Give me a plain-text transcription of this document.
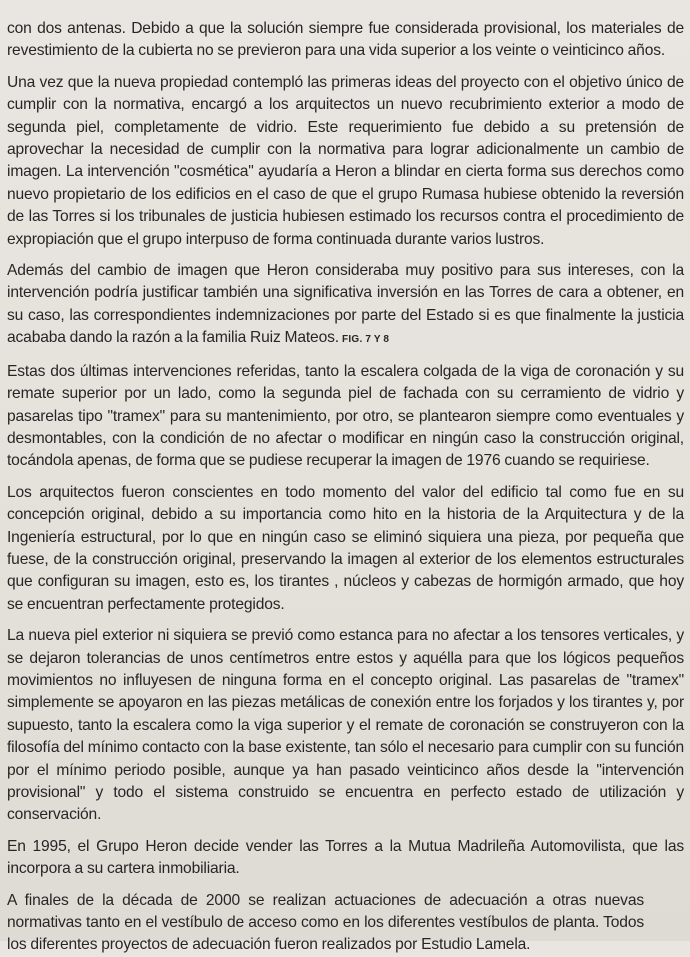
con dos antenas. Debido a que la solución siempre fue considerada provisional, los materiales de revestimiento de la cubierta no se previeron para una vida superior a los veinte o veinticinco años.

Una vez que la nueva propiedad contempló las primeras ideas del proyecto con el objetivo único de cumplir con la normativa, encargó a los arquitectos un nuevo recubrimiento exterior a modo de segunda piel, completamente de vidrio. Este requerimiento fue debido a su pretensión de aprovechar la necesidad de cumplir con la normativa para lograr adicionalmente un cambio de imagen. La intervención "cosmética" ayudaría a Heron a blindar en cierta forma sus derechos como nuevo propietario de los edificios en el caso de que el grupo Rumasa hubiese obtenido la reversión de las Torres si los tribunales de justicia hubiesen estimado los recursos contra el procedimiento de expropiación que el grupo interpuso de forma continuada durante varios lustros.

Además del cambio de imagen que Heron consideraba muy positivo para sus intereses, con la intervención podría justificar también una significativa inversión en las Torres de cara a obtener, en su caso, las correspondientes indemnizaciones por parte del Estado si es que finalmente la justicia acababa dando la razón a la familia Ruiz Mateos. FIG. 7 Y 8

Estas dos últimas intervenciones referidas, tanto la escalera colgada de la viga de coronación y su remate superior por un lado, como la segunda piel de fachada con su cerramiento de vidrio y pasarelas tipo "tramex" para su mantenimiento, por otro, se plantearon siempre como eventuales y desmontables, con la condición de no afectar o modificar en ningún caso la construcción original, tocándola apenas, de forma que se pudiese recuperar la imagen de 1976 cuando se requiriese.

Los arquitectos fueron conscientes en todo momento del valor del edificio tal como fue en su concepción original, debido a su importancia como hito en la historia de la Arquitectura y de la Ingeniería estructural, por lo que en ningún caso se eliminó siquiera una pieza, por pequeña que fuese, de la construcción original, preservando la imagen al exterior de los elementos estructurales que configuran su imagen, esto es, los tirantes , núcleos y cabezas de hormigón armado, que hoy se encuentran perfectamente protegidos.

La nueva piel exterior ni siquiera se previó como estanca para no afectar a los tensores verticales, y se dejaron tolerancias de unos centímetros entre estos y aquélla para que los lógicos pequeños movimientos no influyesen de ninguna forma en el concepto original. Las pasarelas de "tramex" simplemente se apoyaron en las piezas metálicas de conexión entre los forjados y los tirantes y, por supuesto, tanto la escalera como la viga superior y el remate de coronación se construyeron con la filosofía del mínimo contacto con la base existente, tan sólo el necesario para cumplir con su función por el mínimo periodo posible, aunque ya han pasado veinticinco años desde la "intervención provisional" y todo el sistema construido se encuentra en perfecto estado de utilización y conservación.

En 1995, el Grupo Heron decide vender las Torres a la Mutua Madrileña Automovilista, que las incorpora a su cartera inmobiliaria.

A finales de la década de 2000 se realizan actuaciones de adecuación a otras nuevas normativas tanto en el vestíbulo de acceso como en los diferentes vestíbulos de planta. Todos los diferentes proyectos de adecuación fueron realizados por Estudio Lamela.
